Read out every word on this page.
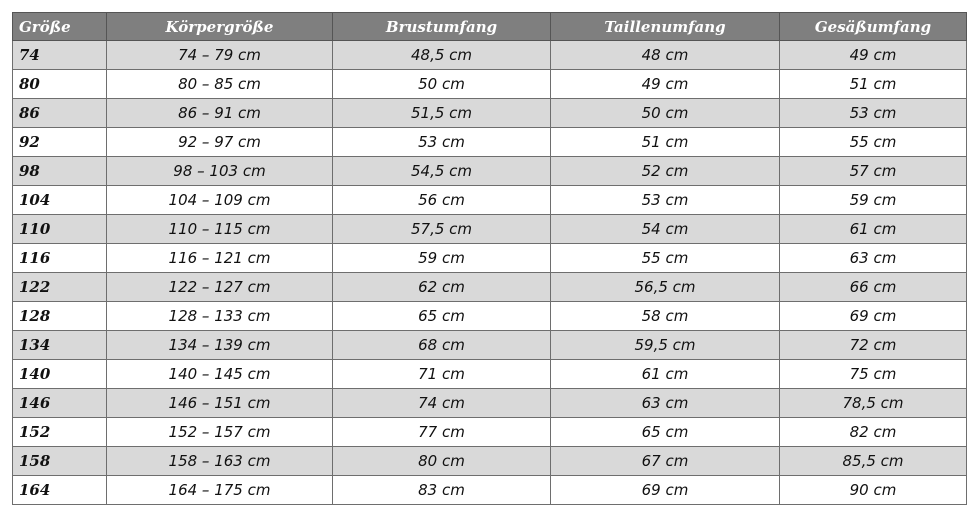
Größe	Körpergröße	Brustumfang	Taillenumfang	Gesäßumfang
74	74 – 79 cm	48,5 cm	48 cm	49 cm
80	80 – 85 cm	50 cm	49 cm	51 cm
86	86 – 91 cm	51,5 cm	50 cm	53 cm
92	92 – 97 cm	53 cm	51 cm	55 cm
98	98 – 103 cm	54,5 cm	52 cm	57 cm
104	104 – 109 cm	56 cm	53 cm	59 cm
110	110 – 115 cm	57,5 cm	54 cm	61 cm
116	116 – 121 cm	59 cm	55 cm	63 cm
122	122 – 127 cm	62 cm	56,5 cm	66 cm
128	128 – 133 cm	65 cm	58 cm	69 cm
134	134 – 139 cm	68 cm	59,5 cm	72 cm
140	140 – 145 cm	71 cm	61 cm	75 cm
146	146 – 151 cm	74 cm	63 cm	78,5 cm
152	152 – 157 cm	77 cm	65 cm	82 cm
158	158 – 163 cm	80 cm	67 cm	85,5 cm
164	164 – 175 cm	83 cm	69 cm	90 cm
